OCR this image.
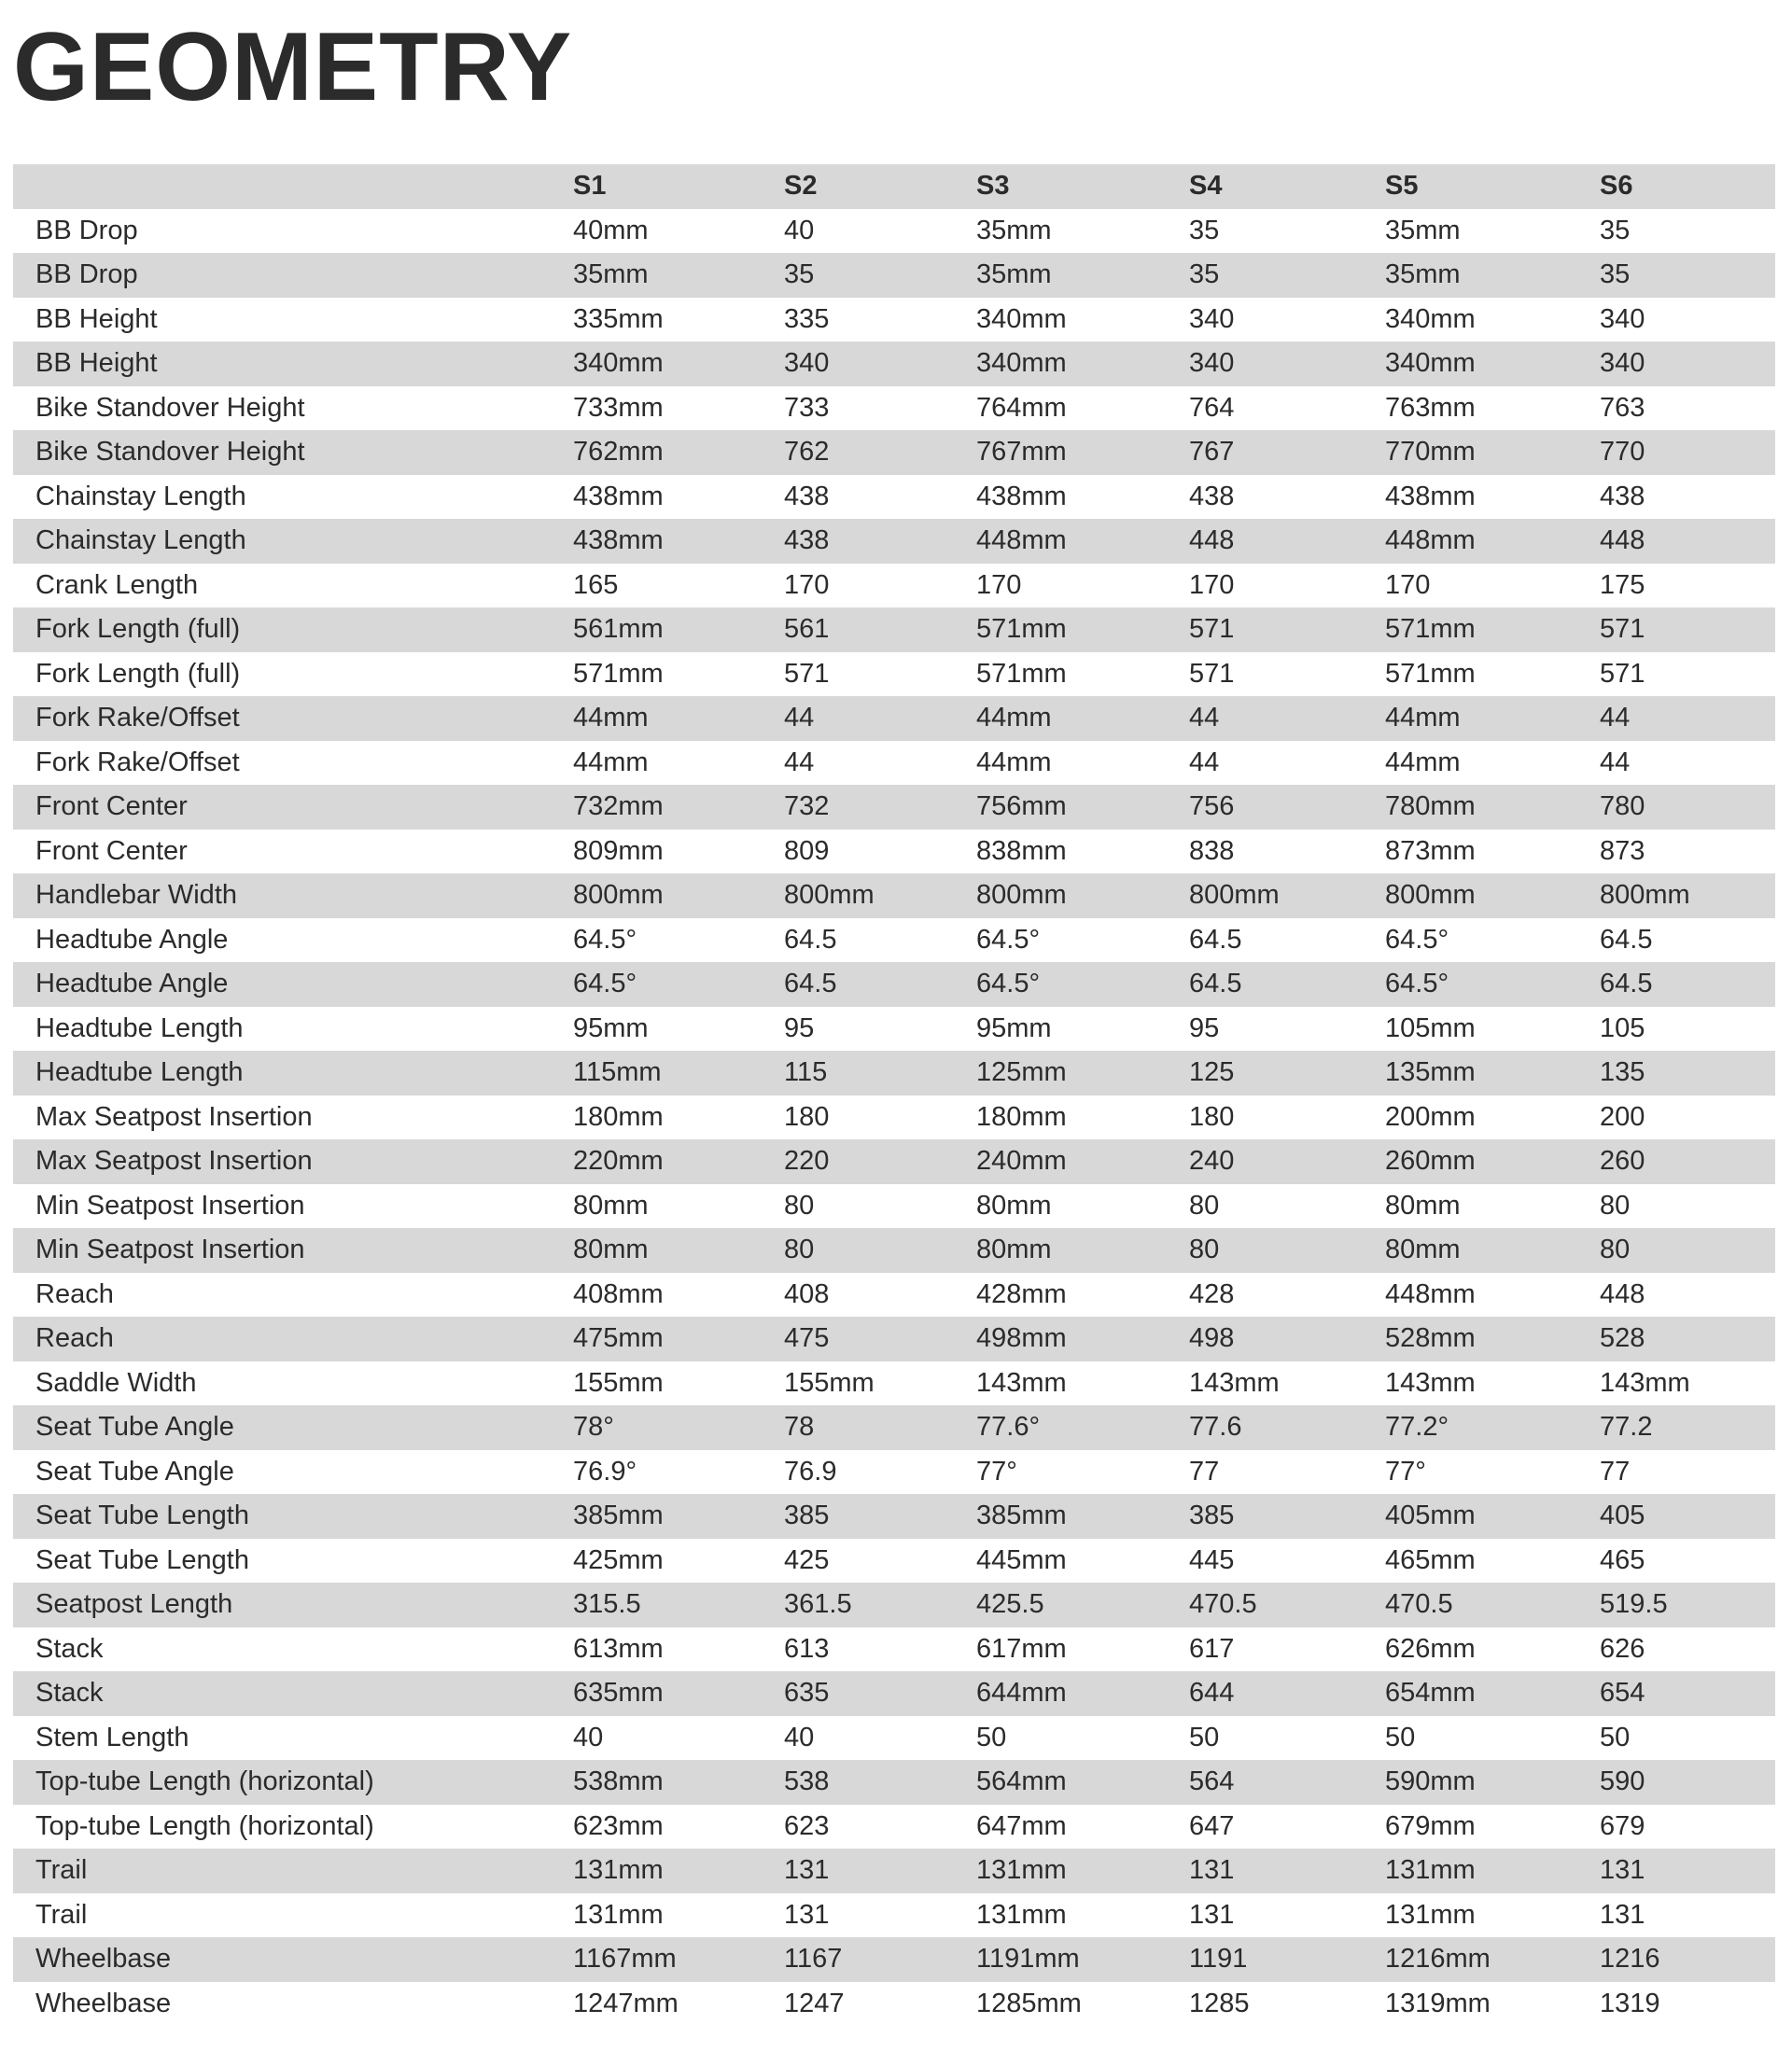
GEOMETRY
	S1	S2	S3	S4	S5	S6
BB Drop	40mm	40	35mm	35	35mm	35
BB Drop	35mm	35	35mm	35	35mm	35
BB Height	335mm	335	340mm	340	340mm	340
BB Height	340mm	340	340mm	340	340mm	340
Bike Standover Height	733mm	733	764mm	764	763mm	763
Bike Standover Height	762mm	762	767mm	767	770mm	770
Chainstay Length	438mm	438	438mm	438	438mm	438
Chainstay Length	438mm	438	448mm	448	448mm	448
Crank Length	165	170	170	170	170	175
Fork Length (full)	561mm	561	571mm	571	571mm	571
Fork Length (full)	571mm	571	571mm	571	571mm	571
Fork Rake/Offset	44mm	44	44mm	44	44mm	44
Fork Rake/Offset	44mm	44	44mm	44	44mm	44
Front Center	732mm	732	756mm	756	780mm	780
Front Center	809mm	809	838mm	838	873mm	873
Handlebar Width	800mm	800mm	800mm	800mm	800mm	800mm
Headtube Angle	64.5°	64.5	64.5°	64.5	64.5°	64.5
Headtube Angle	64.5°	64.5	64.5°	64.5	64.5°	64.5
Headtube Length	95mm	95	95mm	95	105mm	105
Headtube Length	115mm	115	125mm	125	135mm	135
Max Seatpost Insertion	180mm	180	180mm	180	200mm	200
Max Seatpost Insertion	220mm	220	240mm	240	260mm	260
Min Seatpost Insertion	80mm	80	80mm	80	80mm	80
Min Seatpost Insertion	80mm	80	80mm	80	80mm	80
Reach	408mm	408	428mm	428	448mm	448
Reach	475mm	475	498mm	498	528mm	528
Saddle Width	155mm	155mm	143mm	143mm	143mm	143mm
Seat Tube Angle	78°	78	77.6°	77.6	77.2°	77.2
Seat Tube Angle	76.9°	76.9	77°	77	77°	77
Seat Tube Length	385mm	385	385mm	385	405mm	405
Seat Tube Length	425mm	425	445mm	445	465mm	465
Seatpost Length	315.5	361.5	425.5	470.5	470.5	519.5
Stack	613mm	613	617mm	617	626mm	626
Stack	635mm	635	644mm	644	654mm	654
Stem Length	40	40	50	50	50	50
Top-tube Length (horizontal)	538mm	538	564mm	564	590mm	590
Top-tube Length (horizontal)	623mm	623	647mm	647	679mm	679
Trail	131mm	131	131mm	131	131mm	131
Trail	131mm	131	131mm	131	131mm	131
Wheelbase	1167mm	1167	1191mm	1191	1216mm	1216
Wheelbase	1247mm	1247	1285mm	1285	1319mm	1319
